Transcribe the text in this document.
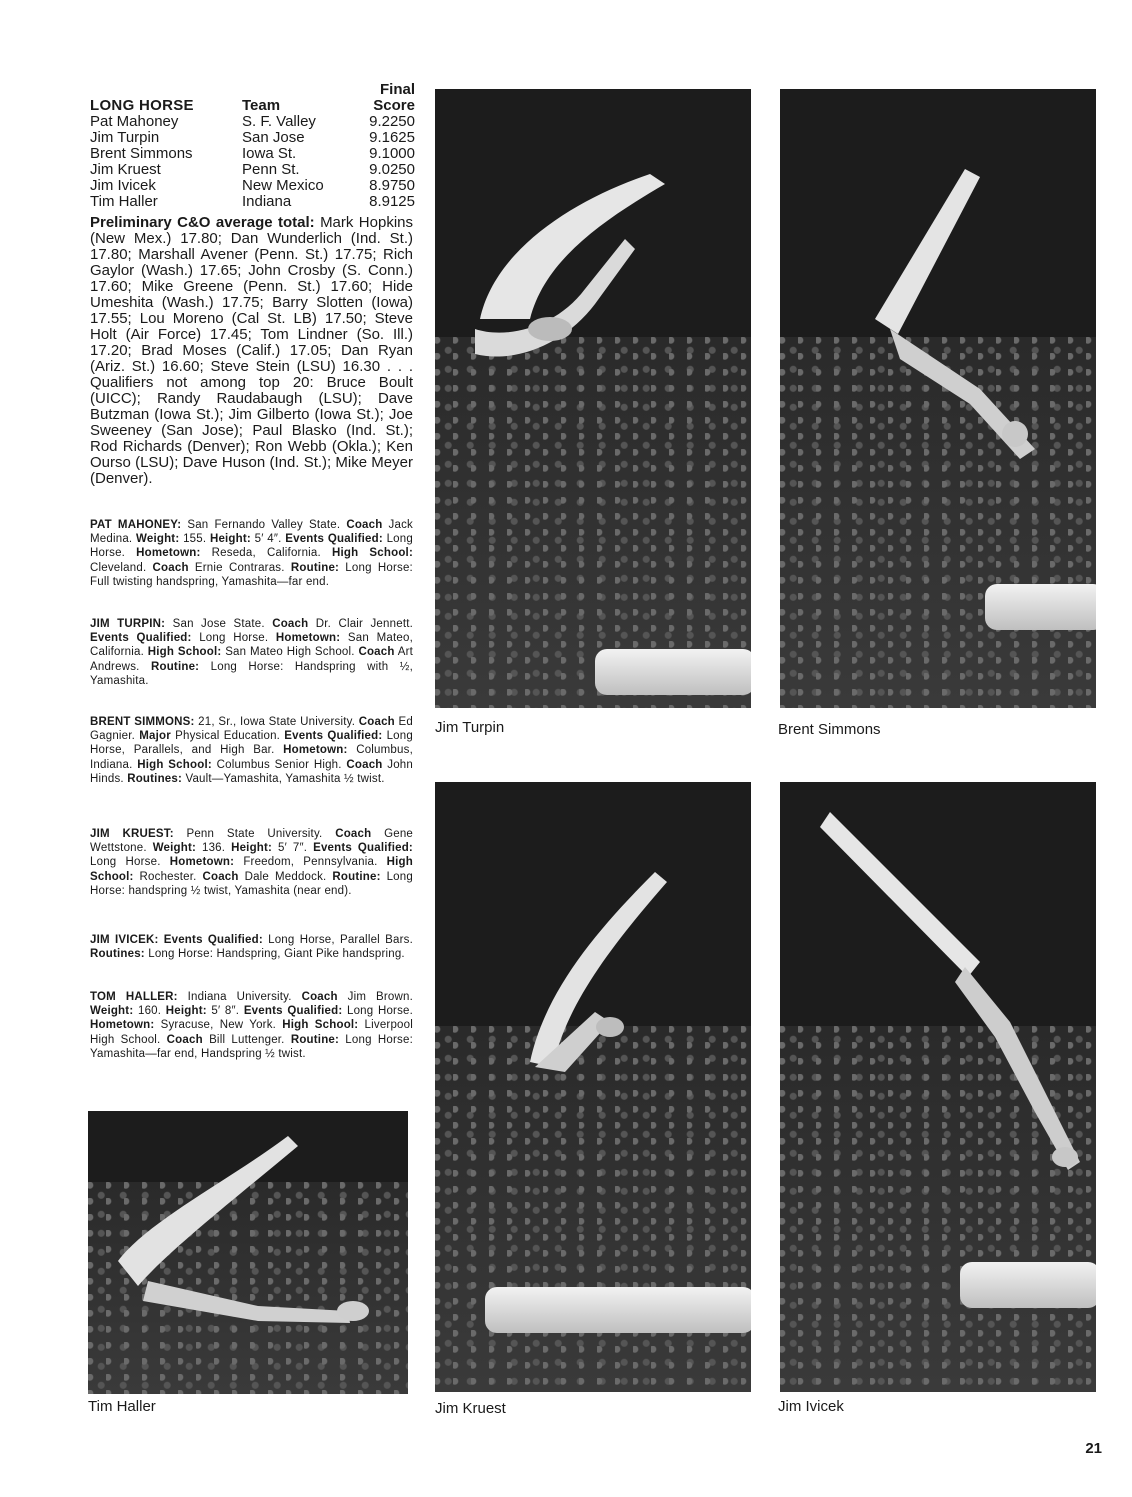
LONG HORSE	Team	Final
Score
Pat Mahoney	S. F. Valley	9.2250
Jim Turpin	San Jose	9.1625
Brent Simmons	Iowa St.	9.1000
Jim Kruest	Penn St.	9.0250
Jim Ivicek	New Mexico	8.9750
Tim Haller	Indiana	8.9125

Preliminary C&O average total: Mark Hopkins (New Mex.) 17.80; Dan Wunderlich (Ind. St.) 17.80; Marshall Avener (Penn. St.) 17.75; Rich Gaylor (Wash.) 17.65; John Crosby (S. Conn.) 17.60; Mike Greene (Penn. St.) 17.60; Hide Umeshita (Wash.) 17.75; Barry Slotten (Iowa) 17.55; Lou Moreno (Cal St. LB) 17.50; Steve Holt (Air Force) 17.45; Tom Lindner (So. Ill.) 17.20; Brad Moses (Calif.) 17.05; Dan Ryan (Ariz. St.) 16.60; Steve Stein (LSU) 16.30 . . . Qualifiers not among top 20: Bruce Boult (UICC); Randy Raudabaugh (LSU); Dave Butzman (Iowa St.); Jim Gilberto (Iowa St.); Joe Sweeney (San Jose); Paul Blasko (Ind. St.); Rod Richards (Denver); Ron Webb (Okla.); Ken Ourso (LSU); Dave Huson (Ind. St.); Mike Meyer (Denver).

PAT MAHONEY: San Fernando Valley State. Coach Jack Medina. Weight: 155. Height: 5′ 4″. Events Qualified: Long Horse. Hometown: Reseda, California. High School: Cleveland. Coach Ernie Contraras. Routine: Long Horse: Full twisting handspring, Yamashita—far end.

JIM TURPIN: San Jose State. Coach Dr. Clair Jennett. Events Qualified: Long Horse. Hometown: San Mateo, California. High School: San Mateo High School. Coach Art Andrews. Routine: Long Horse: Handspring with ½, Yamashita.

BRENT SIMMONS: 21, Sr., Iowa State University. Coach Ed Gagnier. Major Physical Education. Events Qualified: Long Horse, Parallels, and High Bar. Hometown: Columbus, Indiana. High School: Columbus Senior High. Coach John Hinds. Routines: Vault—Yamashita, Yamashita ½ twist.

JIM KRUEST: Penn State University. Coach Gene Wettstone. Weight: 136. Height: 5′ 7″. Events Qualified: Long Horse. Hometown: Freedom, Pennsylvania. High School: Rochester. Coach Dale Meddock. Routine: Long Horse: handspring ½ twist, Yamashita (near end).

JIM IVICEK: Events Qualified: Long Horse, Parallel Bars. Routines: Long Horse: Handspring, Giant Pike handspring.

TOM HALLER: Indiana University. Coach Jim Brown. Weight: 160. Height: 5′ 8″. Events Qualified: Long Horse. Hometown: Syracuse, New York. High School: Liverpool High School. Coach Bill Luttenger. Routine: Long Horse: Yamashita—far end, Handspring ½ twist.

Jim Turpin	Brent Simmons
Tim Haller	Jim Kruest	Jim Ivicek
21
